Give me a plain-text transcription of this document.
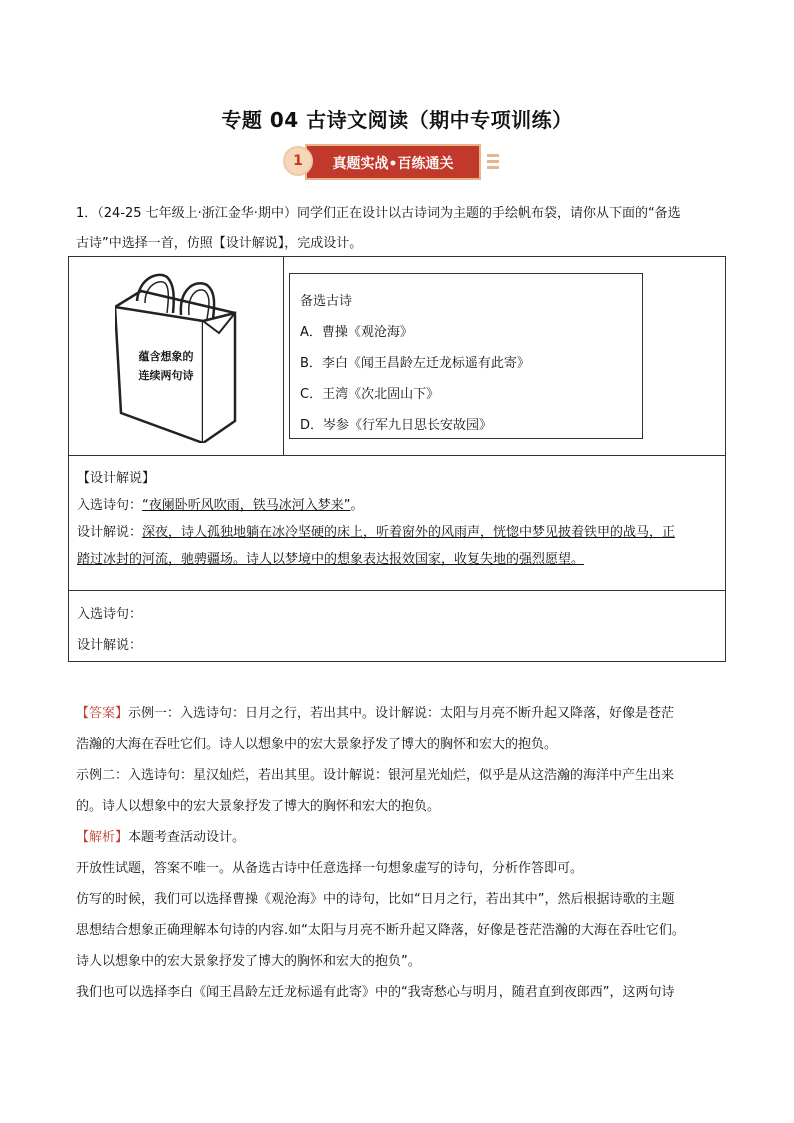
专题 04 古诗文阅读（期中专项训练）
1	真题实战•百练通关
1．（24-25 七年级上·浙江金华·期中）同学们正在设计以古诗词为主题的手绘帆布袋，请你从下面的“备选
古诗”中选择一首，仿照【设计解说】，完成设计。
蕴含想象的
连续两句诗
备选古诗
A．曹操《观沧海》
B．李白《闻王昌龄左迁龙标遥有此寄》
C．王湾《次北固山下》
D．岑参《行军九日思长安故园》
【设计解说】
入选诗句：“夜阑卧听风吹雨，铁马冰河入梦来”。
设计解说：深夜，诗人孤独地躺在冰冷坚硬的床上，听着窗外的风雨声，恍惚中梦见披着铁甲的战马，正
踏过冰封的河流，驰骋疆场。诗人以梦境中的想象表达报效国家，收复失地的强烈愿望。
入选诗句：
设计解说：

【答案】示例一：入选诗句：日月之行，若出其中。设计解说：太阳与月亮不断升起又降落，好像是苍茫

浩瀚的大海在吞吐它们。诗人以想象中的宏大景象抒发了博大的胸怀和宏大的抱负。

示例二：入选诗句：星汉灿烂，若出其里。设计解说：银河星光灿烂，似乎是从这浩瀚的海洋中产生出来

的。诗人以想象中的宏大景象抒发了博大的胸怀和宏大的抱负。

【解析】本题考查活动设计。

开放性试题，答案不唯一。从备选古诗中任意选择一句想象虚写的诗句，分析作答即可。

仿写的时候，我们可以选择曹操《观沧海》中的诗句，比如“日月之行，若出其中”，然后根据诗歌的主题

思想结合想象正确理解本句诗的内容.如“太阳与月亮不断升起又降落，好像是苍茫浩瀚的大海在吞吐它们。

诗人以想象中的宏大景象抒发了博大的胸怀和宏大的抱负”。

我们也可以选择李白《闻王昌龄左迁龙标遥有此寄》中的“我寄愁心与明月，随君直到夜郎西”，这两句诗
